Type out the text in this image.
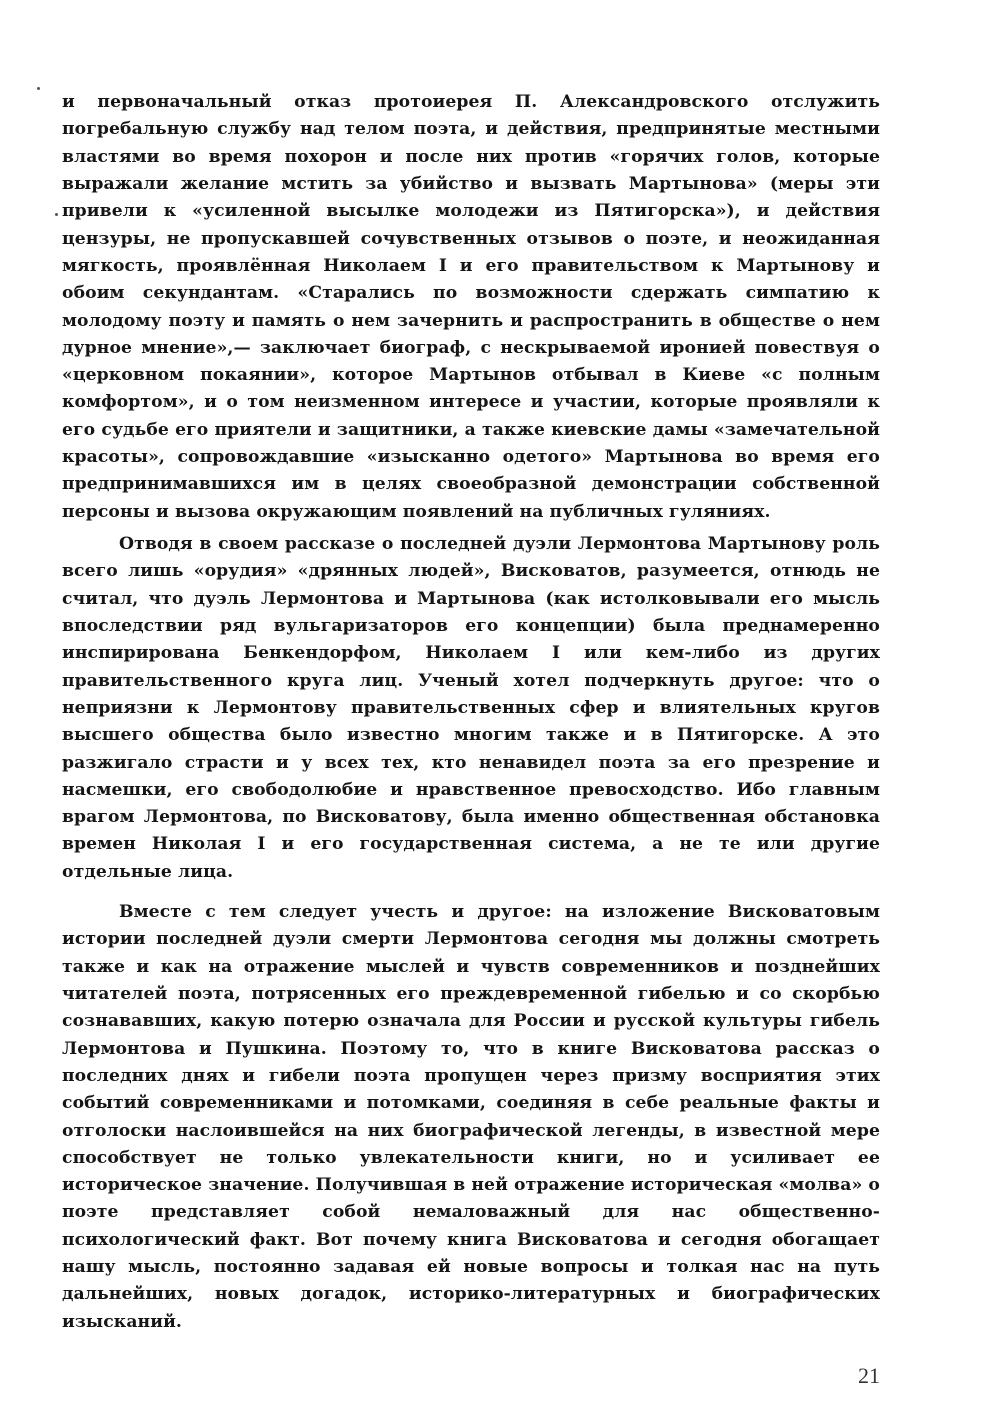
и первоначальный отказ протоиерея П. Александровского отслужить погребальную службу над телом поэта, и действия, предпринятые местными властями во время похорон и после них против «горячих голов, которые выражали желание мстить за убийство и вызвать Мартынова» (меры эти привели к «усиленной высылке молодежи из Пятигорска»), и действия цензуры, не пропускавшей сочувственных отзывов о поэте, и неожиданная мягкость, проявлённая Николаем I и его правительством к Мартынову и обоим секундантам. «Старались по возможности сдержать симпатию к молодому поэту и память о нем зачернить и распространить в обществе о нем дурное мнение»,— заключает биограф, с нескрываемой иронией повествуя о «церковном покаянии», которое Мартынов отбывал в Киеве «с полным комфортом», и о том неизменном интересе и участии, которые проявляли к его судьбе его приятели и защитники, а также киевские дамы «замечательной красоты», сопровождавшие «изысканно одетого» Мартынова во время его предпринимавшихся им в целях своеобразной демонстрации собственной персоны и вызова окружающим появлений на публичных гуляниях.

Отводя в своем рассказе о последней дуэли Лермонтова Мартынову роль всего лишь «орудия» «дрянных людей», Висковатов, разумеется, отнюдь не считал, что дуэль Лермонтова и Мартынова (как истолковывали его мысль впоследствии ряд вульгаризаторов его концепции) была преднамеренно инспирирована Бенкендорфом, Николаем I или кем-либо из других правительственного круга лиц. Ученый хотел подчеркнуть другое: что о неприязни к Лермонтову правительственных сфер и влиятельных кругов высшего общества было известно многим также и в Пятигорске. А это разжигало страсти и у всех тех, кто ненавидел поэта за его презрение и насмешки, его свободолюбие и нравственное превосходство. Ибо главным врагом Лермонтова, по Висковатову, была именно общественная обстановка времен Николая I и его государственная система, а не те или другие отдельные лица.

Вместе с тем следует учесть и другое: на изложение Висковатовым истории последней дуэли смерти Лермонтова сегодня мы должны смотреть также и как на отражение мыслей и чувств современников и позднейших читателей поэта, потрясенных его преждевременной гибелью и со скорбью сознававших, какую потерю означала для России и русской культуры гибель Лермонтова и Пушкина. Поэтому то, что в книге Висковатова рассказ о последних днях и гибели поэта пропущен через призму восприятия этих событий современниками и потомками, соединяя в себе реальные факты и отголоски наслоившейся на них биографической легенды, в известной мере способствует не только увлекательности книги, но и усиливает ее историческое значение. Получившая в ней отражение историческая «молва» о поэте представляет собой немаловажный для нас общественно-психологический факт. Вот почему книга Висковатова и сегодня обогащает нашу мысль, постоянно задавая ей новые вопросы и толкая нас на путь дальнейших, новых догадок, историко-литературных и биографических изысканий.

21
